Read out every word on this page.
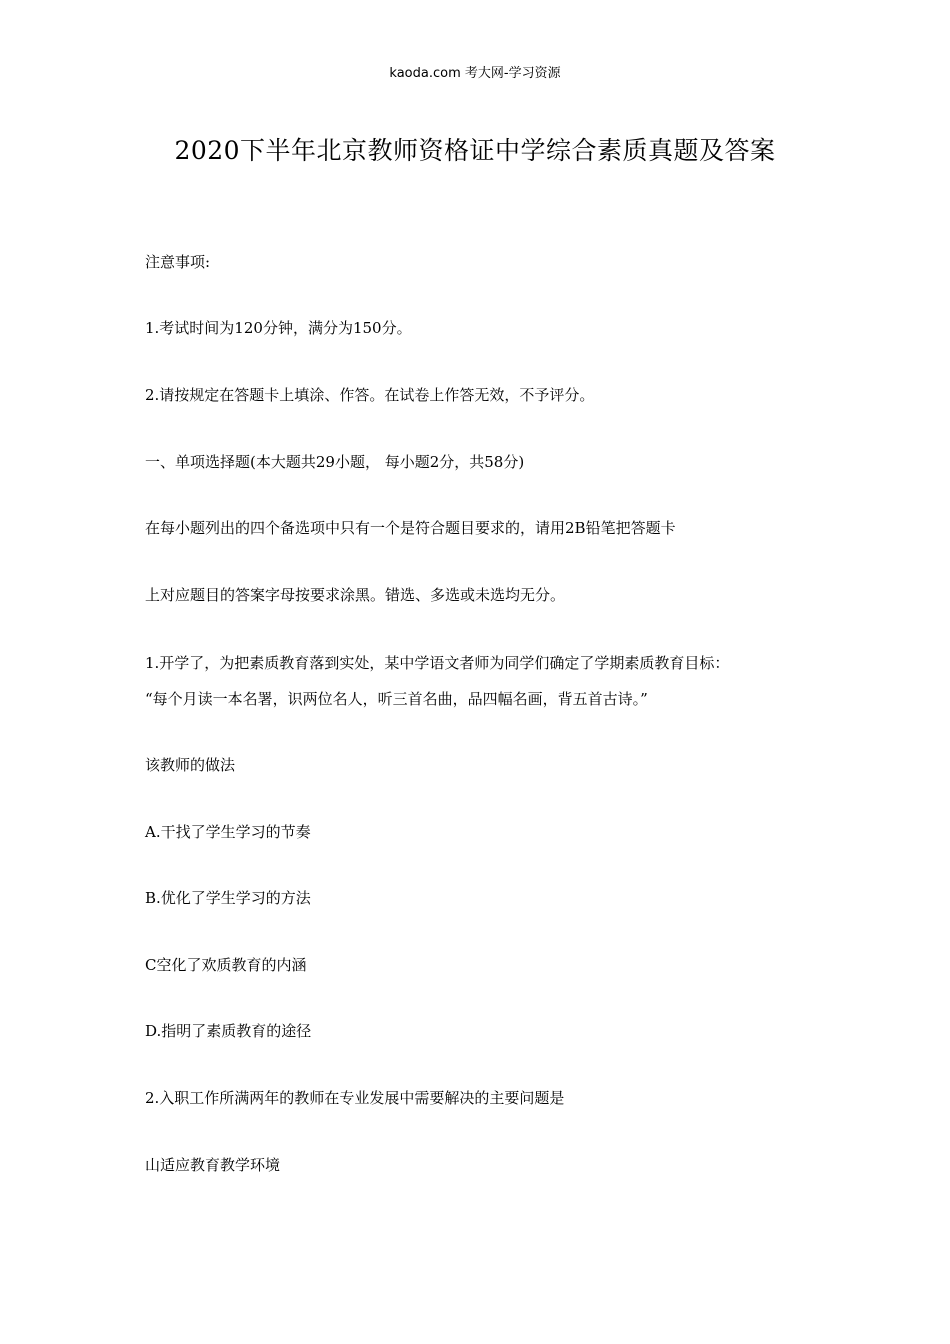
kaoda.com 考大网-学习资源
2020下半年北京教师资格证中学综合素质真题及答案
注意事项:
1.考试时间为120分钟，满分为150分。
2.请按规定在答题卡上填涂、作答。在试卷上作答无效，不予评分。
一、单项选择题(本大题共29小题， 每小题2分，共58分)
在每小题列出的四个备选项中只有一个是符合题目要求的，请用2B铅笔把答题卡
上对应题目的答案字母按要求涂黑。错选、多选或未选均无分。
1.开学了，为把素质教育落到实处，某中学语文者师为同学们确定了学期素质教育目标：
“每个月读一本名署，识两位名人，听三首名曲，品四幅名画，背五首古诗。”
该教师的做法
A.干找了学生学习的节奏
B.优化了学生学习的方法
C空化了欢质教育的内涵
D.指明了素质教育的途径
2.入职工作所满两年的教师在专业发展中需要解决的主要问题是
山适应教育教学环境
